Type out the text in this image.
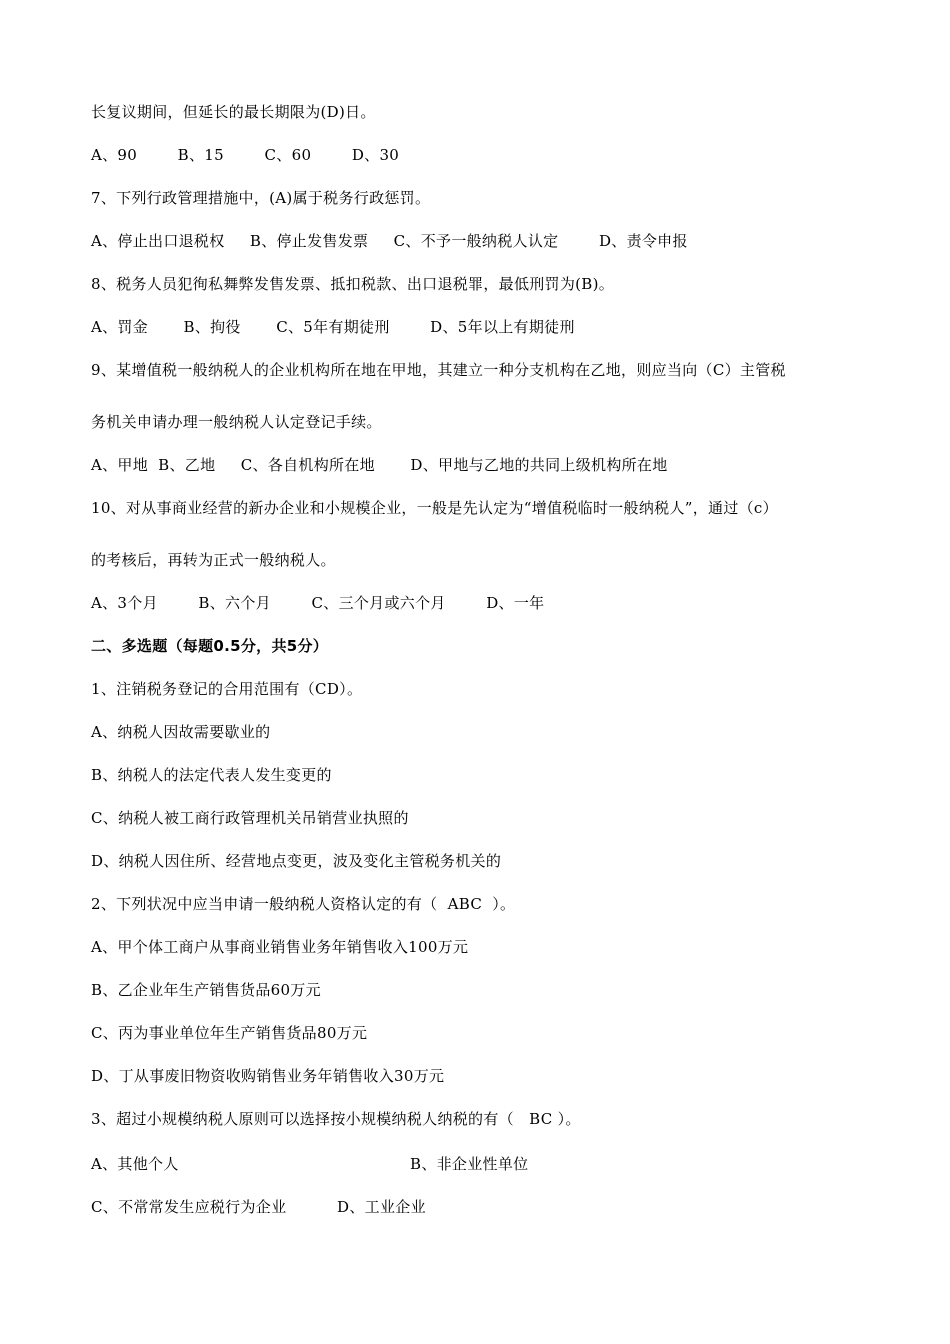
长复议期间，但延长的最长期限为(D)日。
A、90        B、15        C、60        D、30
7、下列行政管理措施中，(A)属于税务行政惩罚。
A、停止出口退税权     B、停止发售发票     C、不予一般纳税人认定        D、责令申报
8、税务人员犯徇私舞弊发售发票、抵扣税款、出口退税罪，最低刑罚为(B)。
A、罚金       B、拘役       C、5年有期徒刑        D、5年以上有期徒刑
9、某增值税一般纳税人的企业机构所在地在甲地，其建立一种分支机构在乙地，则应当向（C）主管税
务机关申请办理一般纳税人认定登记手续。
A、甲地  B、乙地     C、各自机构所在地       D、甲地与乙地的共同上级机构所在地
10、对从事商业经营的新办企业和小规模企业，一般是先认定为“增值税临时一般纳税人”，通过（c）
的考核后，再转为正式一般纳税人。
A、3个月        B、六个月        C、三个月或六个月        D、一年
二、多选题（每题0.5分，共5分）
1、注销税务登记的合用范围有（CD）。
A、纳税人因故需要歇业的
B、纳税人的法定代表人发生变更的
C、纳税人被工商行政管理机关吊销营业执照的
D、纳税人因住所、经营地点变更，波及变化主管税务机关的
2、下列状况中应当申请一般纳税人资格认定的有（  ABC  ）。
A、甲个体工商户从事商业销售业务年销售收入100万元
B、乙企业年生产销售货品60万元
C、丙为事业单位年生产销售货品80万元
D、丁从事废旧物资收购销售业务年销售收入30万元
3、超过小规模纳税人原则可以选择按小规模纳税人纳税的有（   BC ）。
A、其他个人	B、非企业性单位
C、不常常发生应税行为企业          D、工业企业
